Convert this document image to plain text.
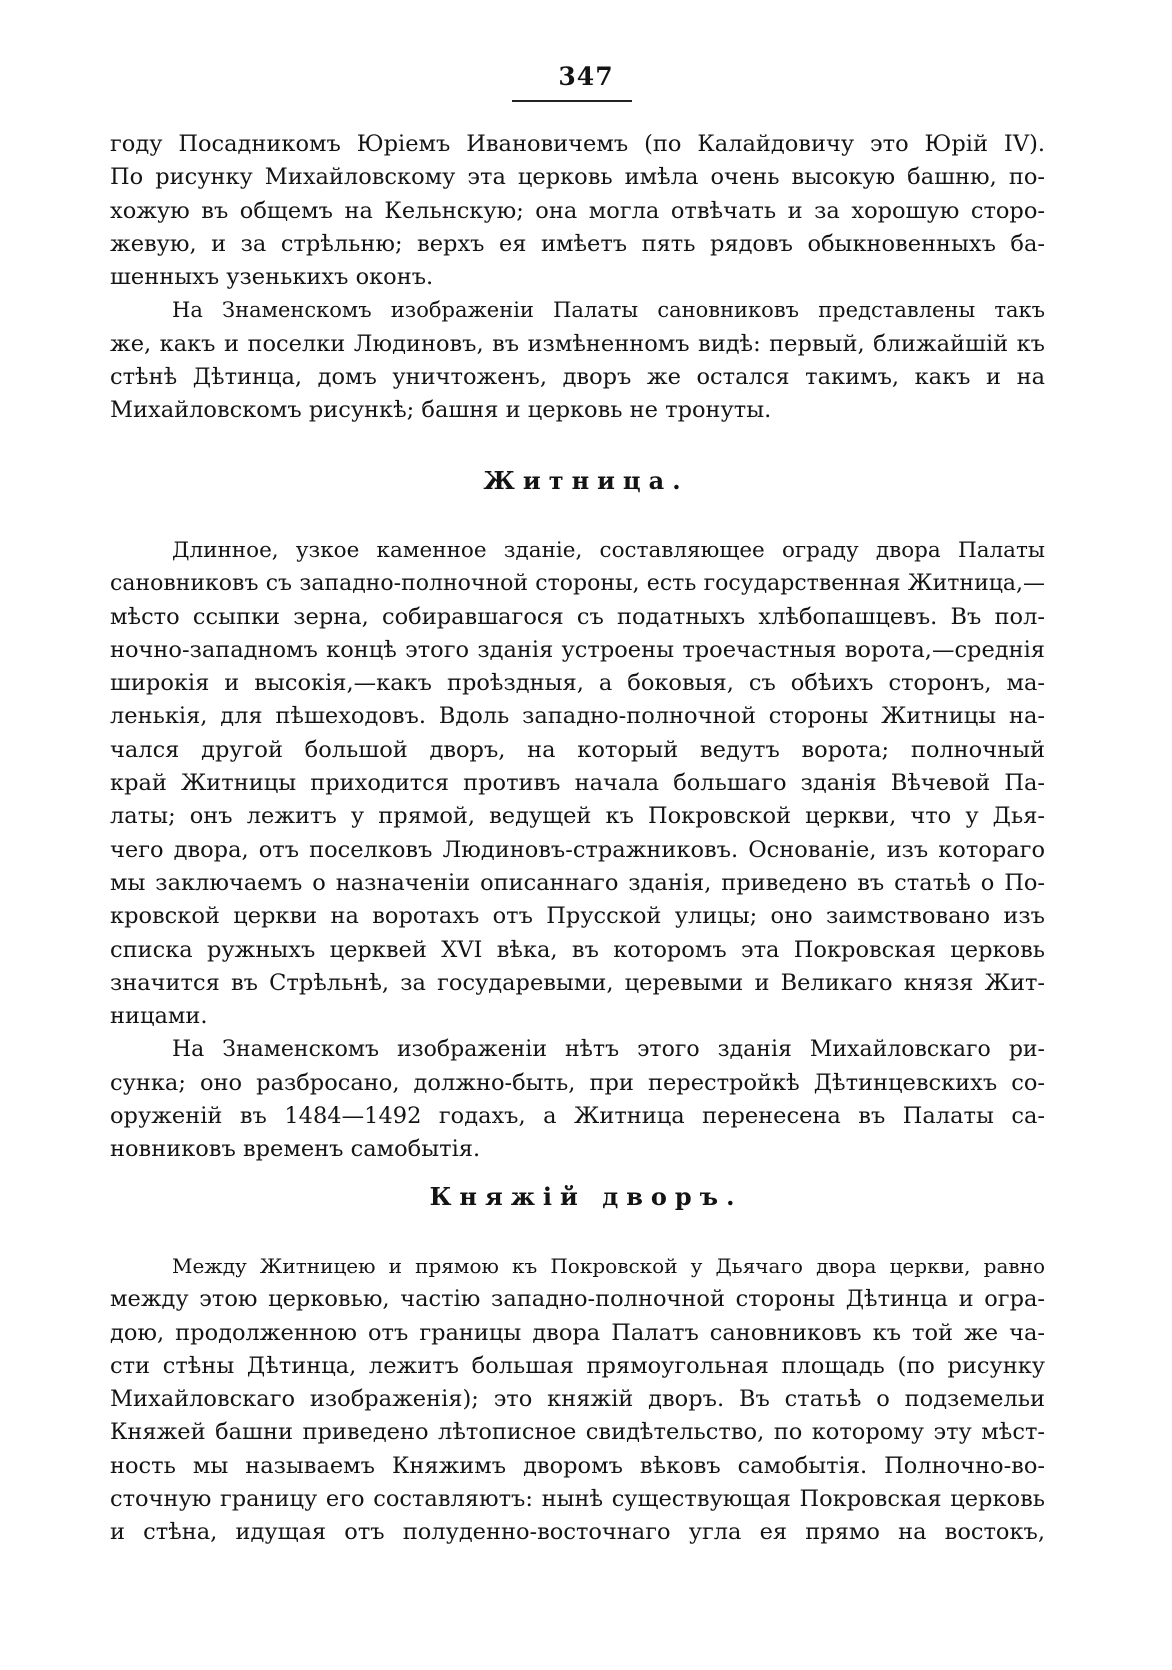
347
году Посадникомъ Юріемъ Ивановичемъ (по Калайдовичу это Юрій IV).
По рисунку Михайловскому эта церковь имѣла очень высокую башню, по-
хожую въ общемъ на Кельнскую; она могла отвѣчать и за хорошую сторо-
жевую, и за стрѣльню; верхъ ея имѣетъ пять рядовъ обыкновенныхъ ба-
шенныхъ узенькихъ оконъ.
На Знаменскомъ изображеніи Палаты сановниковъ представлены такъ
же, какъ и поселки Людиновъ, въ измѣненномъ видѣ: первый, ближайшій къ
стѣнѣ Дѣтинца, домъ уничтоженъ, дворъ же остался такимъ, какъ и на
Михайловскомъ рисункѣ; башня и церковь не тронуты.
Житница.
Длинное, узкое каменное зданіе, составляющее ограду двора Палаты
сановниковъ съ западно-полночной стороны, есть государственная Житница,—
мѣсто ссыпки зерна, собиравшагося съ податныхъ хлѣбопашцевъ. Въ пол-
ночно-западномъ концѣ этого зданія устроены троечастныя ворота,—среднія
широкія и высокія,—какъ проѣздныя, а боковыя, съ обѣихъ сторонъ, ма-
ленькія, для пѣшеходовъ. Вдоль западно-полночной стороны Житницы на-
чался другой большой дворъ, на который ведутъ ворота; полночный
край Житницы приходится противъ начала большаго зданія Вѣчевой Па-
латы; онъ лежитъ у прямой, ведущей къ Покровской церкви, что у Дья-
чего двора, отъ поселковъ Людиновъ-стражниковъ. Основаніе, изъ котораго
мы заключаемъ о назначеніи описаннаго зданія, приведено въ статьѣ о По-
кровской церкви на воротахъ отъ Прусской улицы; оно заимствовано изъ
списка ружныхъ церквей XVI вѣка, въ которомъ эта Покровская церковь
значится въ Стрѣльнѣ, за государевыми, церевыми и Великаго князя Жит-
ницами.
На Знаменскомъ изображеніи нѣтъ этого зданія Михайловскаго ри-
сунка; оно разбросано, должно-быть, при перестройкѣ Дѣтинцевскихъ со-
оруженій въ 1484—1492 годахъ, а Житница перенесена въ Палаты са-
новниковъ временъ самобытія.
Княжій дворъ.
Между Житницею и прямою къ Покровской у Дьячаго двора церкви, равно
между этою церковью, частію западно-полночной стороны Дѣтинца и огра-
дою, продолженною отъ границы двора Палатъ сановниковъ къ той же ча-
сти стѣны Дѣтинца, лежитъ большая прямоугольная площадь (по рисунку
Михайловскаго изображенія); это княжій дворъ. Въ статьѣ о подземельи
Княжей башни приведено лѣтописное свидѣтельство, по которому эту мѣст-
ность мы называемъ Княжимъ дворомъ вѣковъ самобытія. Полночно-во-
сточную границу его составляютъ: нынѣ существующая Покровская церковь
и стѣна, идущая отъ полуденно-восточнаго угла ея прямо на востокъ,
